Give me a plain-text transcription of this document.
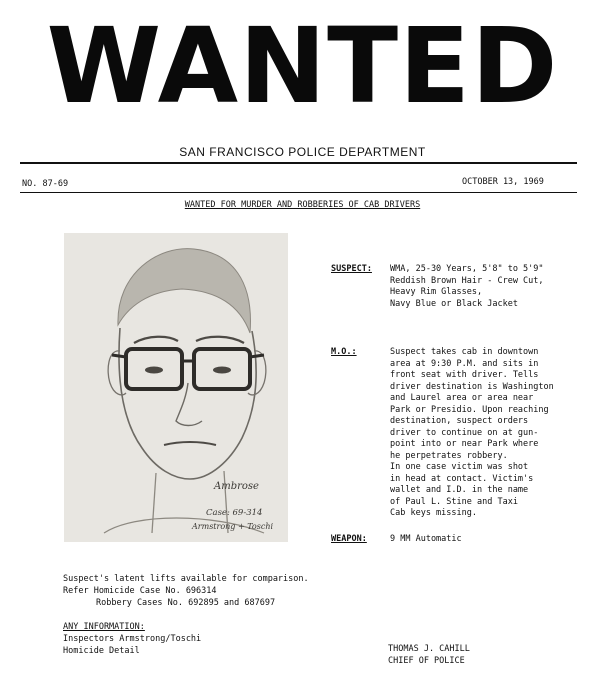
WANTED
SAN FRANCISCO POLICE DEPARTMENT
NO. 87-69	OCTOBER 13, 1969
WANTED FOR MURDER AND ROBBERIES OF CAB DRIVERS
Ambrose
Case: 69-314
Armstrong + Toschi
SUSPECT: WMA, 25-30 Years, 5'8" to 5'9"
Reddish Brown Hair - Crew Cut,
Heavy Rim Glasses,
Navy Blue or Black Jacket
M.O.:	Suspect takes cab in downtown
area at 9:30 P.M. and sits in
front seat with driver. Tells
driver destination is Washington
and Laurel area or area near
Park or Presidio. Upon reaching
destination, suspect orders
driver to continue on at gun-
point into or near Park where
he perpetrates robbery.
In one case victim was shot
in head at contact. Victim's
wallet and I.D. in the name
of Paul L. Stine and Taxi
Cab keys missing.
WEAPON:	9 MM Automatic
Suspect's latent lifts available for comparison.
Refer Homicide Case No. 696314
Robbery Cases No. 692895 and 687697
ANY INFORMATION:
Inspectors Armstrong/Toschi
Homicide Detail	THOMAS J. CAHILL
CHIEF OF POLICE
